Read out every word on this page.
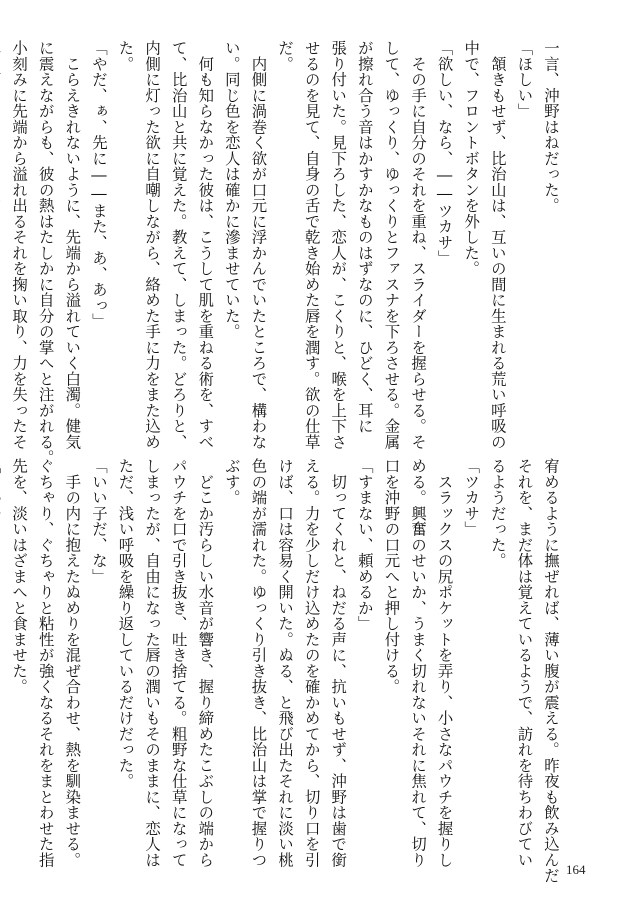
一言、沖野はねだった。
「ほしい」
　頷きもせず、比治山は、互いの間に生まれる荒い呼吸の
中で、フロントボタンを外した。
「欲しい、なら、――ツカサ」
　その手に自分のそれを重ね、スライダーを握らせる。そ
して、ゆっくり、ゆっくりとファスナを下ろさせる。金属
が擦れ合う音はかすかなものはずなのに、ひどく、耳に
張り付いた。見下ろした、恋人が、こくりと、喉を上下さ
せるのを見て、自身の舌で乾き始めた唇を潤す。欲の仕草
だ。
　内側に渦巻く欲が口元に浮かんでいたところで、構わな
い。同じ色を恋人は確かに滲ませていた。
　何も知らなかった彼は、こうして肌を重ねる術を、すべ
て、比治山と共に覚えた。教えて、しまった。どろりと、
内側に灯った欲に自嘲しながら、絡めた手に力をまた込め
た。
「やだ、ぁ、先に――また、あ、あっ」
　こらえきれないように、先端から溢れていく白濁。健気
に震えながらも、彼の熱はたしかに自分の掌へと注がれる。
小刻みに先端から溢れ出るそれを掬い取り、力を失ったそ
宥めるように撫ぜれば、薄い腹が震える。昨夜も飲み込んだ
それを、まだ体は覚えているようで、訪れを待ちわびてい
るようだった。
「ツカサ」
　スラックスの尻ポケットを弄り、小さなパウチを握りし
める。興奮のせいか、うまく切れないそれに焦れて、切り
口を沖野の口元へと押し付ける。
「すまない、頼めるか」
　切ってくれと、ねだる声に、抗いもせず、沖野は歯で銜
える。力を少しだけ込めたのを確かめてから、切り口を引
けば、口は容易く開いた。ぬる、と飛び出たそれに淡い桃
色の端が濡れた。ゆっくり引き抜き、比治山は掌で握りつ
ぶす。
　どこか汚らしい水音が響き、握り締めたこぶしの端から
パウチを口で引き抜き、吐き捨てる。粗野な仕草になって
しまったが、自由になった唇の潤いもそのままに、恋人は
ただ、浅い呼吸を繰り返しているだけだった。
「いい子だ、な」
　手の内に抱えたぬめりを混ぜ合わせ、熱を馴染ませる。
ぐちゃり、ぐちゃりと粘性が強くなるそれをまとわせた指
先を、淡いはざまへと食ませた。
164
